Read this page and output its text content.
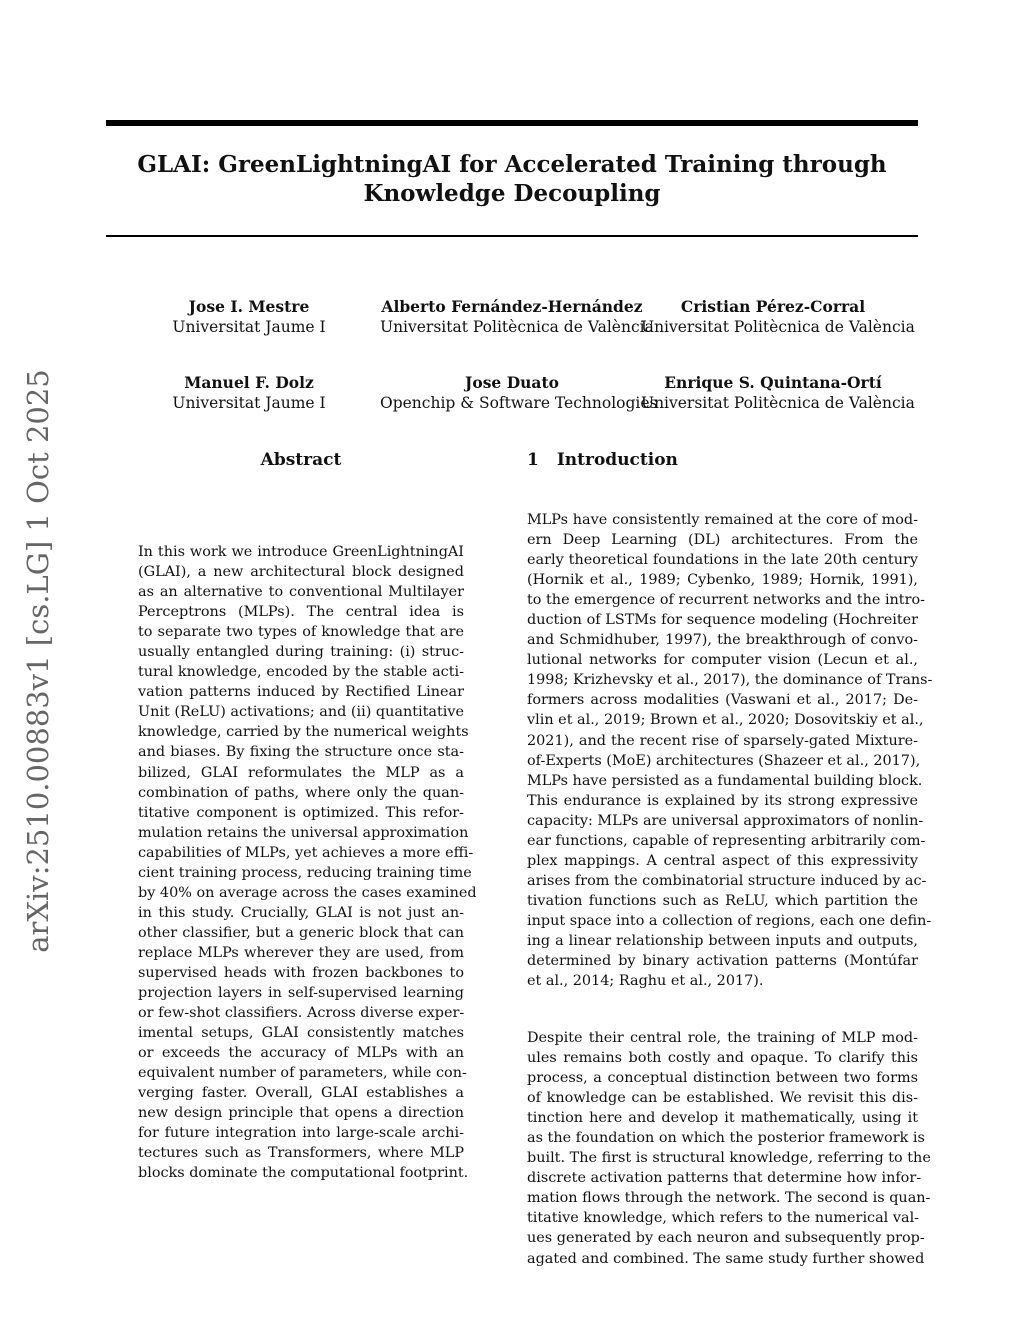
arXiv:2510.00883v1 [cs.LG] 1 Oct 2025
GLAI: GreenLightningAI for Accelerated Training through
Knowledge Decoupling
Jose I. Mestre
Universitat Jaume I
Alberto Fernández-Hernández
Universitat Politècnica de València
Cristian Pérez-Corral
Universitat Politècnica de València
Manuel F. Dolz
Universitat Jaume I
Jose Duato
Openchip & Software Technologies
Enrique S. Quintana-Ortí
Universitat Politècnica de València
Abstract
In this work we introduce GreenLightningAI
(GLAI), a new architectural block designed
as an alternative to conventional Multilayer
Perceptrons (MLPs). The central idea is
to separate two types of knowledge that are
usually entangled during training: (i) struc-
tural knowledge, encoded by the stable acti-
vation patterns induced by Rectified Linear
Unit (ReLU) activations; and (ii) quantitative
knowledge, carried by the numerical weights
and biases. By fixing the structure once sta-
bilized, GLAI reformulates the MLP as a
combination of paths, where only the quan-
titative component is optimized. This refor-
mulation retains the universal approximation
capabilities of MLPs, yet achieves a more effi-
cient training process, reducing training time
by 40% on average across the cases examined
in this study. Crucially, GLAI is not just an-
other classifier, but a generic block that can
replace MLPs wherever they are used, from
supervised heads with frozen backbones to
projection layers in self-supervised learning
or few-shot classifiers. Across diverse exper-
imental setups, GLAI consistently matches
or exceeds the accuracy of MLPs with an
equivalent number of parameters, while con-
verging faster. Overall, GLAI establishes a
new design principle that opens a direction
for future integration into large-scale archi-
tectures such as Transformers, where MLP
blocks dominate the computational footprint.
1 Introduction
MLPs have consistently remained at the core of mod-
ern Deep Learning (DL) architectures. From the
early theoretical foundations in the late 20th century
(Hornik et al., 1989; Cybenko, 1989; Hornik, 1991),
to the emergence of recurrent networks and the intro-
duction of LSTMs for sequence modeling (Hochreiter
and Schmidhuber, 1997), the breakthrough of convo-
lutional networks for computer vision (Lecun et al.,
1998; Krizhevsky et al., 2017), the dominance of Trans-
formers across modalities (Vaswani et al., 2017; De-
vlin et al., 2019; Brown et al., 2020; Dosovitskiy et al.,
2021), and the recent rise of sparsely-gated Mixture-
of-Experts (MoE) architectures (Shazeer et al., 2017),
MLPs have persisted as a fundamental building block.
This endurance is explained by its strong expressive
capacity: MLPs are universal approximators of nonlin-
ear functions, capable of representing arbitrarily com-
plex mappings. A central aspect of this expressivity
arises from the combinatorial structure induced by ac-
tivation functions such as ReLU, which partition the
input space into a collection of regions, each one defin-
ing a linear relationship between inputs and outputs,
determined by binary activation patterns (Montúfar
et al., 2014; Raghu et al., 2017).
Despite their central role, the training of MLP mod-
ules remains both costly and opaque. To clarify this
process, a conceptual distinction between two forms
of knowledge can be established. We revisit this dis-
tinction here and develop it mathematically, using it
as the foundation on which the posterior framework is
built. The first is structural knowledge, referring to the
discrete activation patterns that determine how infor-
mation flows through the network. The second is quan-
titative knowledge, which refers to the numerical val-
ues generated by each neuron and subsequently prop-
agated and combined. The same study further showed
